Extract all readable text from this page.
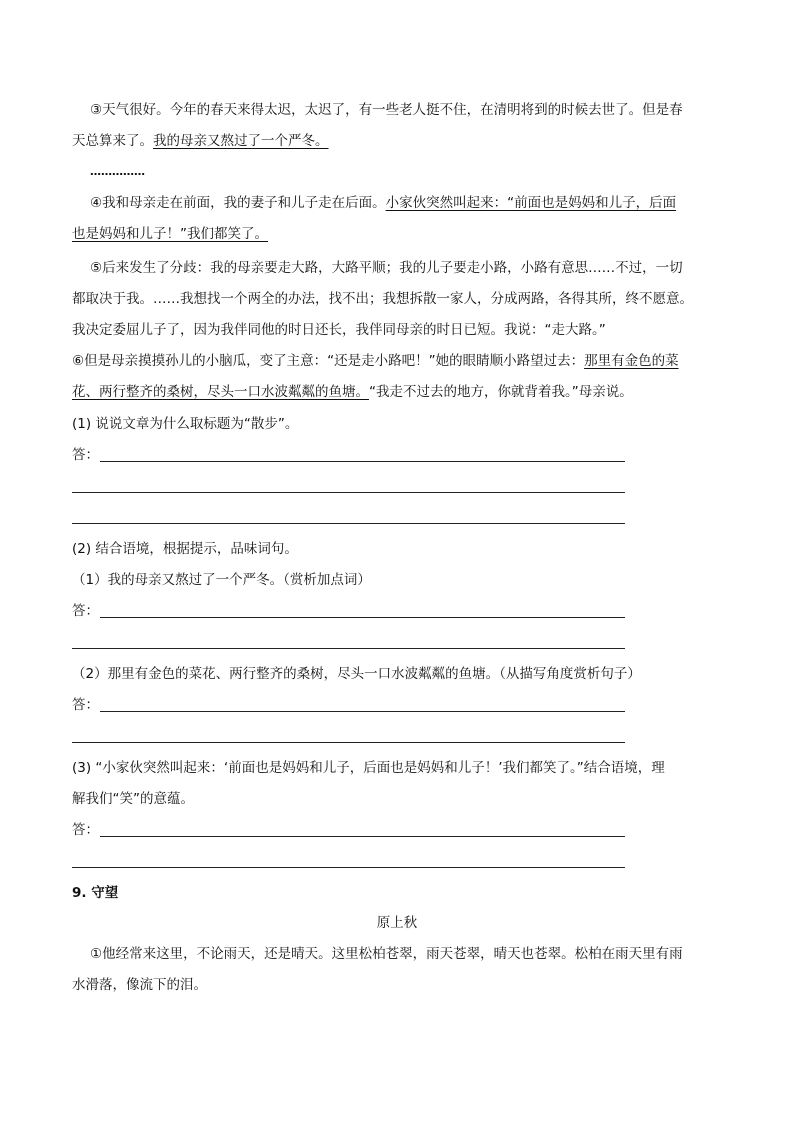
③天气很好。今年的春天来得太迟，太迟了，有一些老人挺不住，在清明将到的时候去世了。但是春
天总算来了。我的母亲又熬过了一个严冬。
……………
④我和母亲走在前面，我的妻子和儿子走在后面。小家伙突然叫起来：“前面也是妈妈和儿子，后面
也是妈妈和儿子！”我们都笑了。
⑤后来发生了分歧：我的母亲要走大路，大路平顺；我的儿子要走小路，小路有意思……不过，一切
都取决于我。……我想找一个两全的办法，找不出；我想拆散一家人，分成两路，各得其所，终不愿意。
我决定委屈儿子了，因为我伴同他的时日还长，我伴同母亲的时日已短。我说：“走大路。”
⑥但是母亲摸摸孙儿的小脑瓜，变了主意：“还是走小路吧！”她的眼睛顺小路望过去：那里有金色的菜
花、两行整齐的桑树，尽头一口水波粼粼的鱼塘。“我走不过去的地方，你就背着我。”母亲说。
(1) 说说文章为什么取标题为“散步”。
答：
(2) 结合语境，根据提示，品味词句。
（1）我的母亲又熬过了一个严冬。（赏析加点词）
答：
（2）那里有金色的菜花、两行整齐的桑树，尽头一口水波粼粼的鱼塘。（从描写角度赏析句子）
答：
(3) “小家伙突然叫起来：‘前面也是妈妈和儿子，后面也是妈妈和儿子！’我们都笑了。”结合语境，理
解我们“笑”的意蕴。
答：
9. 守望
原上秋
①他经常来这里，不论雨天，还是晴天。这里松柏苍翠，雨天苍翠，晴天也苍翠。松柏在雨天里有雨
水滑落，像流下的泪。
